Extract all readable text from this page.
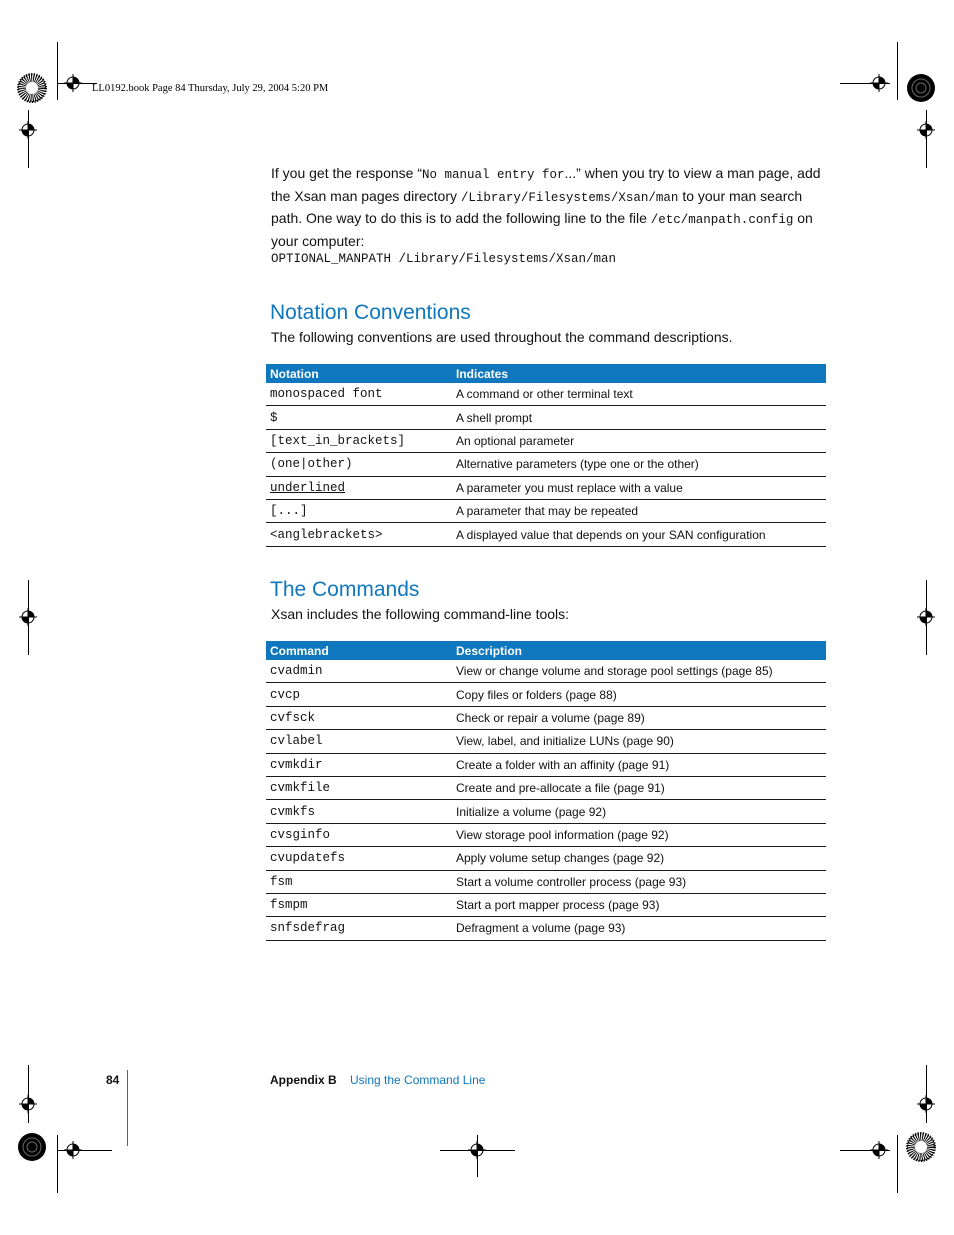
LL0192.book Page 84 Thursday, July 29, 2004 5:20 PM

If you get the response “No manual entry for...” when you try to view a man page, add the Xsan man pages directory /Library/Filesystems/Xsan/man to your man search path. One way to do this is to add the following line to the file /etc/manpath.config on your computer:

OPTIONAL_MANPATH /Library/Filesystems/Xsan/man

Notation Conventions

The following conventions are used throughout the command descriptions.

Notation	Indicates
monospaced font	A command or other terminal text
$	A shell prompt
[text_in_brackets]	An optional parameter
(one|other)	Alternative parameters (type one or the other)
underlined	A parameter you must replace with a value
[...]	A parameter that may be repeated
<anglebrackets>	A displayed value that depends on your SAN configuration
The Commands

Xsan includes the following command-line tools:

Command	Description
cvadmin	View or change volume and storage pool settings (page 85)
cvcp	Copy files or folders (page 88)
cvfsck	Check or repair a volume (page 89)
cvlabel	View, label, and initialize LUNs (page 90)
cvmkdir	Create a folder with an affinity (page 91)
cvmkfile	Create and pre-allocate a file (page 91)
cvmkfs	Initialize a volume (page 92)
cvsginfo	View storage pool information (page 92)
cvupdatefs	Apply volume setup changes (page 92)
fsm	Start a volume controller process (page 93)
fsmpm	Start a port mapper process (page 93)
snfsdefrag	Defragment a volume (page 93)
84	Appendix B Using the Command Line
